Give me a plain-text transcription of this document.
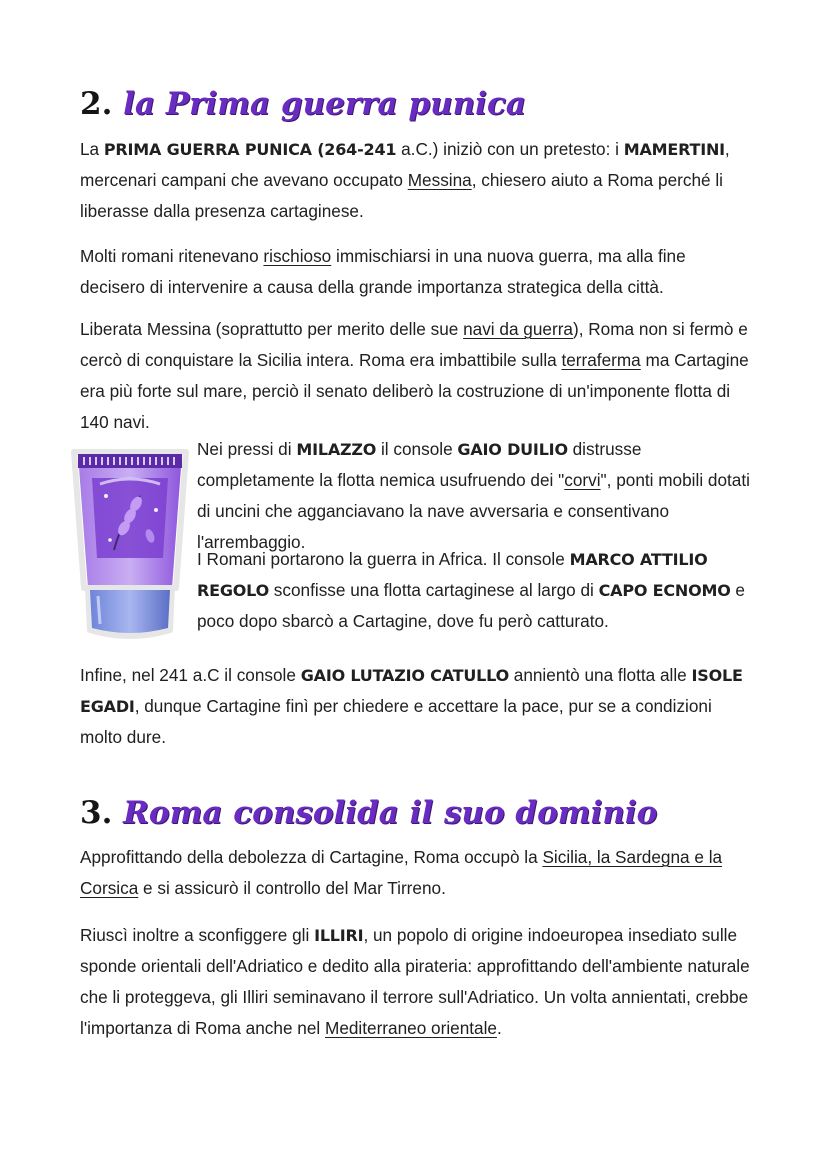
2. la Prima guerra punica

La PRIMA GUERRA PUNICA (264-241 a.C.) iniziò con un pretesto: i MAMERTINI, mercenari campani che avevano occupato Messina, chiesero aiuto a Roma perché li liberasse dalla presenza cartaginese.

Molti romani ritenevano rischioso immischiarsi in una nuova guerra, ma alla fine decisero di intervenire a causa della grande importanza strategica della città.

Liberata Messina (soprattutto per merito delle sue navi da guerra), Roma non si fermò e cercò di conquistare la Sicilia intera. Roma era imbattibile sulla terraferma ma Cartagine era più forte sul mare, perciò il senato deliberò la costruzione di un'imponente flotta di 140 navi.

Nei pressi di MILAZZO il console GAIO DUILIO distrusse completamente la flotta nemica usufruendo dei "corvi", ponti mobili dotati di uncini che agganciavano la nave avversaria e consentivano l'arrembaggio.

I Romani portarono la guerra in Africa. Il console MARCO ATTILIO REGOLO sconfisse una flotta cartaginese al largo di CAPO ECNOMO e poco dopo sbarcò a Cartagine, dove fu però catturato.

Infine, nel 241 a.C il console GAIO LUTAZIO CATULLO annientò una flotta alle ISOLE EGADI, dunque Cartagine finì per chiedere e accettare la pace, pur se a condizioni molto dure.

3. Roma consolida il suo dominio

Approfittando della debolezza di Cartagine, Roma occupò la Sicilia, la Sardegna e la Corsica e si assicurò il controllo del Mar Tirreno.

Riuscì inoltre a sconfiggere gli ILLIRI, un popolo di origine indoeuropea insediato sulle sponde orientali dell'Adriatico e dedito alla pirateria: approfittando dell'ambiente naturale che li proteggeva, gli Illiri seminavano il terrore sull'Adriatico. Un volta annientati, crebbe l'importanza di Roma anche nel Mediterraneo orientale.
